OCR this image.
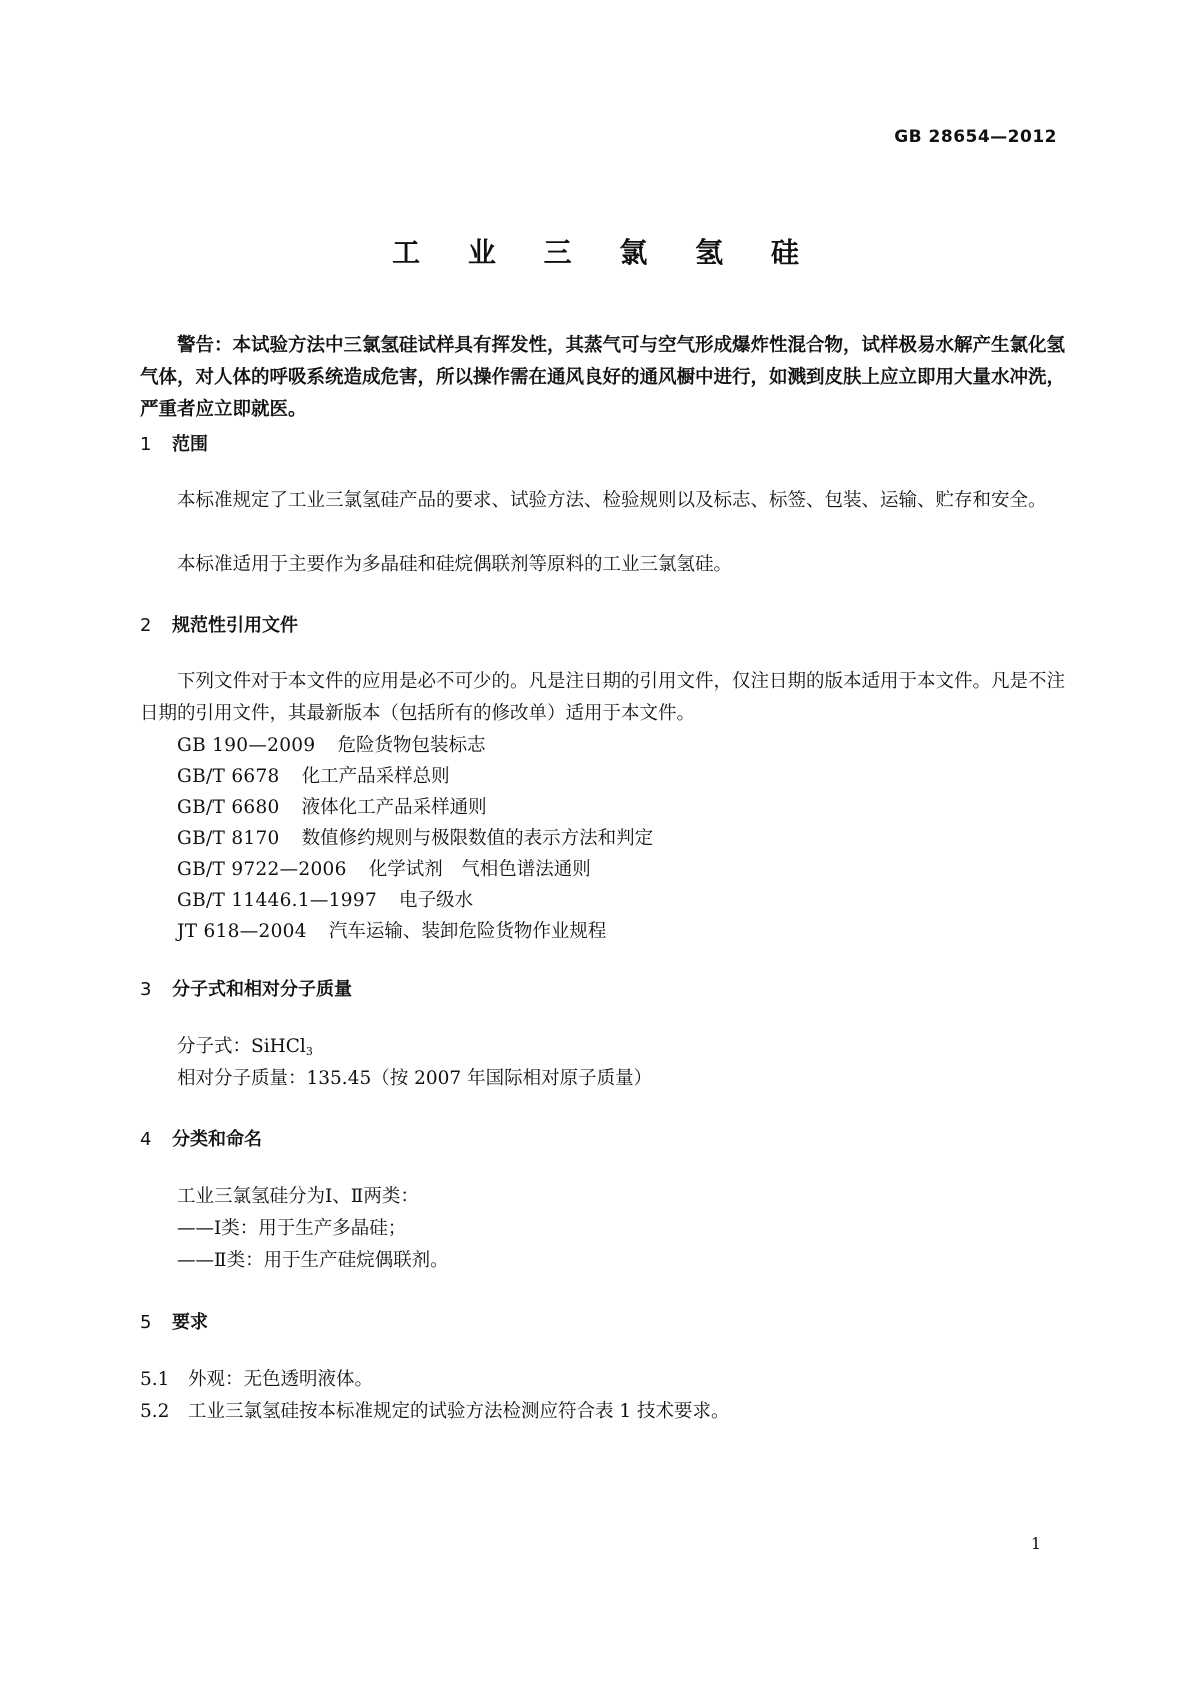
GB 28654—2012
工 业 三 氯 氢 硅

警告：本试验方法中三氯氢硅试样具有挥发性，其蒸气可与空气形成爆炸性混合物，试样极易水解产生氯化氢气体，对人体的呼吸系统造成危害，所以操作需在通风良好的通风橱中进行，如溅到皮肤上应立即用大量水冲洗，严重者应立即就医。

1 范围

本标准规定了工业三氯氢硅产品的要求、试验方法、检验规则以及标志、标签、包装、运输、贮存和安全。

本标准适用于主要作为多晶硅和硅烷偶联剂等原料的工业三氯氢硅。

2 规范性引用文件

下列文件对于本文件的应用是必不可少的。凡是注日期的引用文件，仅注日期的版本适用于本文件。凡是不注日期的引用文件，其最新版本（包括所有的修改单）适用于本文件。

GB 190—2009 危险货物包装标志
GB/T 6678 化工产品采样总则
GB/T 6680 液体化工产品采样通则
GB/T 8170 数值修约规则与极限数值的表示方法和判定
GB/T 9722—2006 化学试剂　气相色谱法通则
GB/T 11446.1—1997 电子级水
JT 618—2004 汽车运输、装卸危险货物作业规程
3 分子式和相对分子质量
分子式：SiHCl$_3$
相对分子质量：135.45（按 2007 年国际相对原子质量）
4 分类和命名
工业三氯氢硅分为Ⅰ、Ⅱ两类：
——Ⅰ类：用于生产多晶硅；
——Ⅱ类：用于生产硅烷偶联剂。
5 要求
5.1 外观：无色透明液体。
5.2 工业三氯氢硅按本标准规定的试验方法检测应符合表 1 技术要求。
1
